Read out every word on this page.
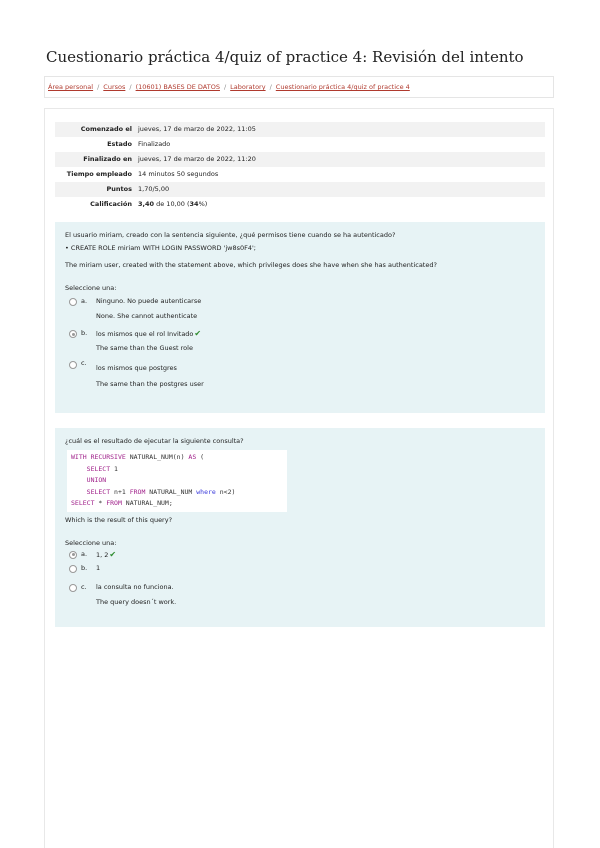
Cuestionario práctica 4/quiz of practice 4: Revisión del intento
Área personal / Cursos / (10601) BASES DE DATOS / Laboratory / Cuestionario práctica 4/quiz of practice 4
Comenzado el	jueves, 17 de marzo de 2022, 11:05
Estado	Finalizado
Finalizado en	jueves, 17 de marzo de 2022, 11:20
Tiempo empleado	14 minutos 50 segundos
Puntos	1,70/5,00
Calificación	3,40 de 10,00 (34%)

El usuario miriam, creado con la sentencia siguiente, ¿qué permisos tiene cuando se ha autenticado?

• CREATE ROLE miriam WITH LOGIN PASSWORD 'jw8s0F4';

The miriam user, created with the statement above, which privileges does she have when she has authenticated?

Seleccione una:

a. Ninguno. No puede autenticarse
None. She cannot authenticate
b. los mismos que el rol Invitado✔
The same than the Guest role
c.
los mismos que postgres
The same than the postgres user

¿cuál es el resultado de ejecutar la siguiente consulta?

WITH RECURSIVE NATURAL_NUM(n) AS (
SELECT 1
UNION
SELECT n+1 FROM NATURAL_NUM where n<2)
SELECT * FROM NATURAL_NUM;

Which is the result of this query?

Seleccione una:

a. 1, 2✔
b. 1
c. la consulta no funciona.
The query doesn´t work.
